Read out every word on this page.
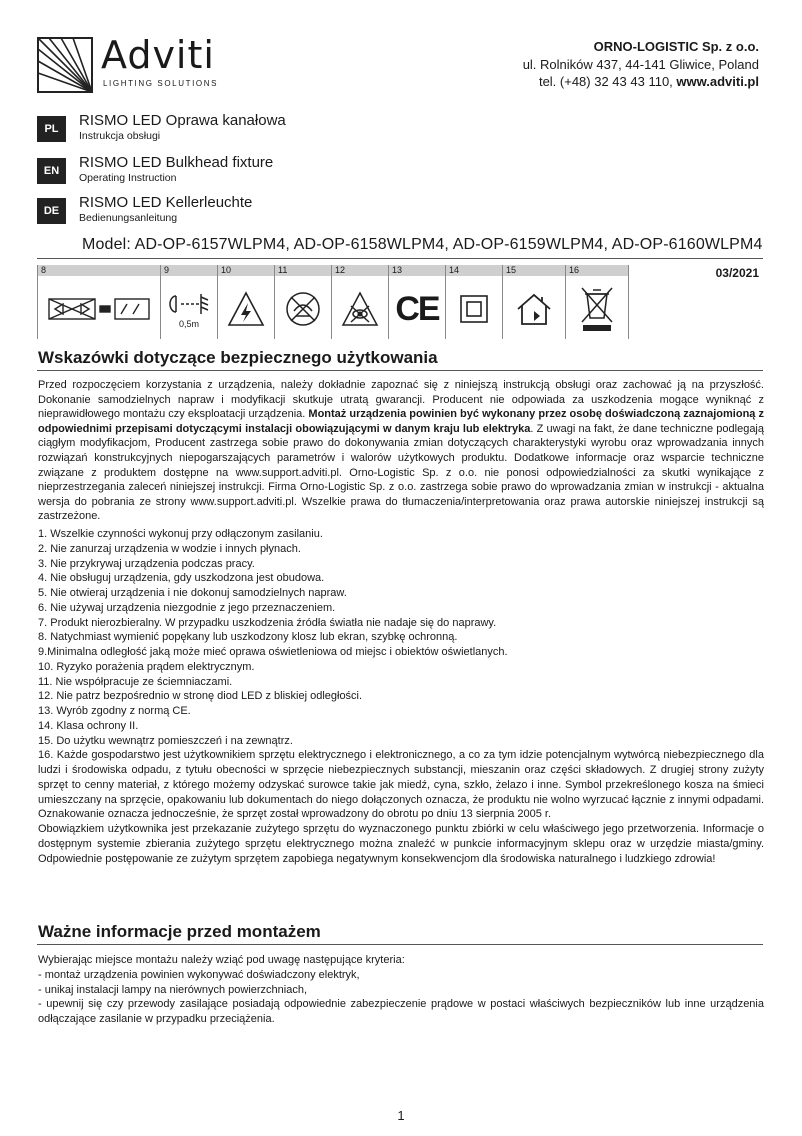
Adviti
LIGHTING SOLUTIONS
ORNO-LOGISTIC Sp. z o.o.
ul. Rolników 437, 44-141 Gliwice, Poland
tel. (+48) 32 43 43 110, www.adviti.pl
PL	RISMO LED Oprawa kanałowa
Instrukcja obsługi
EN	RISMO LED Bulkhead fixture
Operating Instruction
DE	RISMO LED Kellerleuchte
Bedienungsanleitung
Model: AD-OP-6157WLPM4, AD-OP-6158WLPM4, AD-OP-6159WLPM4, AD-OP-6160WLPM4
8	9
0,5m
10	11	12	13
CE
14	15	16	03/2021
Wskazówki dotyczące bezpiecznego użytkowania
Przed rozpoczęciem korzystania z urządzenia, należy dokładnie zapoznać się z niniejszą instrukcją obsługi oraz zachować ją na przyszłość. Dokonanie samodzielnych napraw i modyfikacji skutkuje utratą gwarancji. Producent nie odpowiada za uszkodzenia mogące wyniknąć z nieprawidłowego montażu czy eksploatacji urządzenia. Montaż urządzenia powinien być wykonany przez osobę doświadczoną zaznajomioną z odpowiednimi przepisami dotyczącymi instalacji obowiązującymi w danym kraju lub elektryka. Z uwagi na fakt, że dane techniczne podlegają ciągłym modyfikacjom, Producent zastrzega sobie prawo do dokonywania zmian dotyczących charakterystyki wyrobu oraz wprowadzania innych rozwiązań konstrukcyjnych niepogarszających parametrów i walorów użytkowych produktu. Dodatkowe informacje oraz wsparcie techniczne związane z produktem dostępne na www.support.adviti.pl. Orno-Logistic Sp. z o.o. nie ponosi odpowiedzialności za skutki wynikające z nieprzestrzegania zaleceń niniejszej instrukcji. Firma Orno-Logistic Sp. z o.o. zastrzega sobie prawo do wprowadzania zmian w instrukcji - aktualna wersja do pobrania ze strony www.support.adviti.pl. Wszelkie prawa do tłumaczenia/interpretowania oraz prawa autorskie niniejszej instrukcji są zastrzeżone.
1. Wszelkie czynności wykonuj przy odłączonym zasilaniu.
2. Nie zanurzaj urządzenia w wodzie i innych płynach.
3. Nie przykrywaj urządzenia podczas pracy.
4. Nie obsługuj urządzenia, gdy uszkodzona jest obudowa.
5. Nie otwieraj urządzenia i nie dokonuj samodzielnych napraw.
6. Nie używaj urządzenia niezgodnie z jego przeznaczeniem.
7. Produkt nierozbieralny. W przypadku uszkodzenia źródła światła nie nadaje się do naprawy.
8. Natychmiast wymienić popękany lub uszkodzony klosz lub ekran, szybkę ochronną.
9.Minimalna odległość jaką może mieć oprawa oświetleniowa od miejsc i obiektów oświetlanych.
10. Ryzyko porażenia prądem elektrycznym.
11. Nie współpracuje ze ściemniaczami.
12. Nie patrz bezpośrednio w stronę diod LED z bliskiej odległości.
13. Wyrób zgodny z normą CE.
14. Klasa ochrony II.
15. Do użytku wewnątrz pomieszczeń i na zewnątrz.
16. Każde gospodarstwo jest użytkownikiem sprzętu elektrycznego i elektronicznego, a co za tym idzie potencjalnym wytwórcą niebezpiecznego dla ludzi i środowiska odpadu, z tytułu obecności w sprzęcie niebezpiecznych substancji, mieszanin oraz części składowych. Z drugiej strony zużyty sprzęt to cenny materiał, z którego możemy odzyskać surowce takie jak miedź, cyna, szkło, żelazo i inne. Symbol przekreślonego kosza na śmieci umieszczany na sprzęcie, opakowaniu lub dokumentach do niego dołączonych oznacza, że produktu nie wolno wyrzucać łącznie z innymi odpadami. Oznakowanie oznacza jednocześnie, że sprzęt został wprowadzony do obrotu po dniu 13 sierpnia 2005 r.
Obowiązkiem użytkownika jest przekazanie zużytego sprzętu do wyznaczonego punktu zbiórki w celu właściwego jego przetworzenia. Informacje o dostępnym systemie zbierania zużytego sprzętu elektrycznego można znaleźć w punkcie informacyjnym sklepu oraz w urzędzie miasta/gminy. Odpowiednie postępowanie ze zużytym sprzętem zapobiega negatywnym konsekwencjom dla środowiska naturalnego i ludzkiego zdrowia!
Ważne informacje przed montażem
Wybierając miejsce montażu należy wziąć pod uwagę następujące kryteria:
- montaż urządzenia powinien wykonywać doświadczony elektryk,
- unikaj instalacji lampy na nierównych powierzchniach,
- upewnij się czy przewody zasilające posiadają odpowiednie zabezpieczenie prądowe w postaci właściwych bezpieczników lub inne urządzenia odłączające zasilanie w przypadku przeciążenia.
1
